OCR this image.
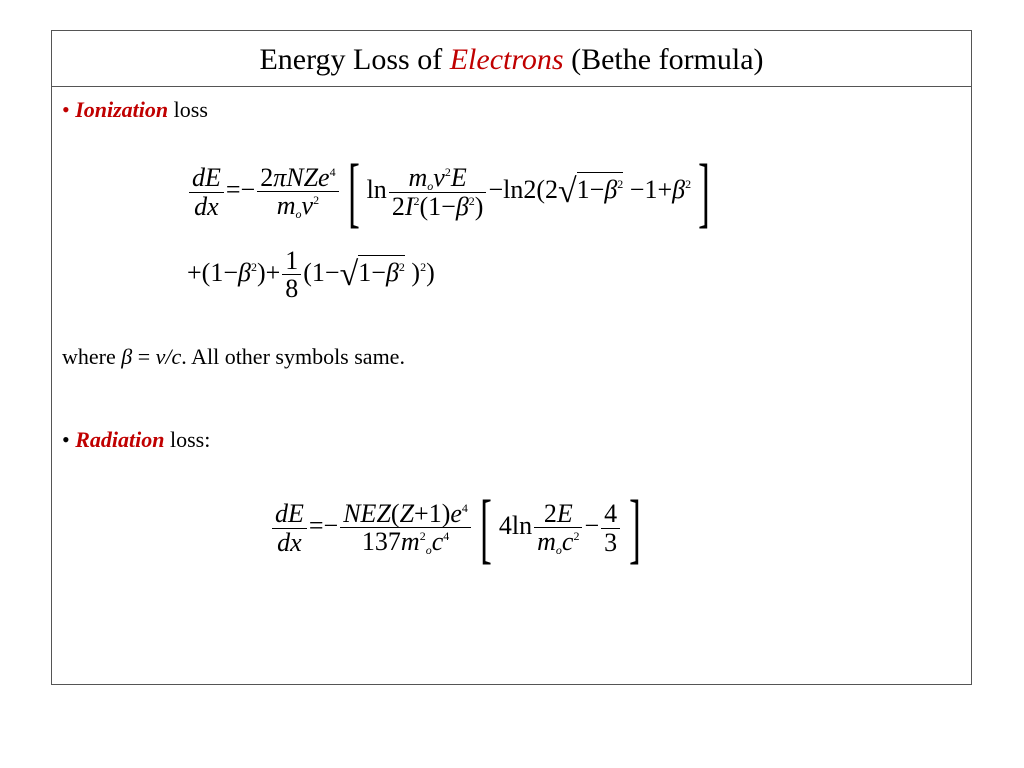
Energy Loss of Electrons (Bethe formula)
• Ionization loss
$\frac{dE}{dx} =- \frac{2\pi NZe^4}{m_ov^2}$ [ $\ln \frac{m_ov^2E}{2I^2(1-\beta^2)} -\ln 2(2√1-\beta^2 -1+\beta^2]$
$+(1-\beta^2)+ \frac{1}{8} (1-√1-\beta^2$ )$^2$)
where β = v/c. All other symbols same.
• Radiation loss:
$\frac{dE}{dx} =- \frac{NEZ(Z+1)e^4}{137m^2_oc^4}$ [ $4\ln \frac{2E}{m_oc^2} - \frac{4}{3}$ ]
